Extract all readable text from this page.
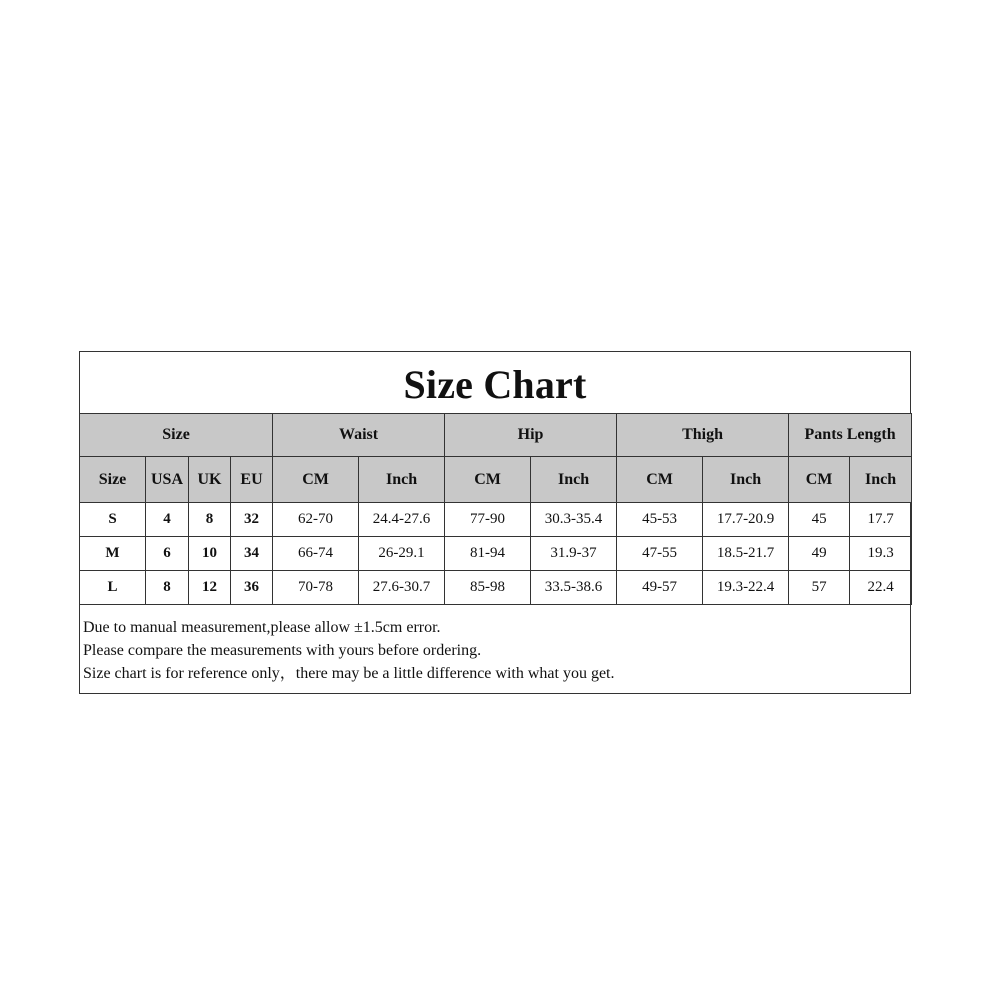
Size Chart
Size				Waist		Hip		Thigh		Pants Length	
Size	USA	UK	EU	CM	Inch	CM	Inch	CM	Inch	CM	Inch
S	4	8	32	62-70	24.4-27.6	77-90	30.3-35.4	45-53	17.7-20.9	45	17.7
M	6	10	34	66-74	26-29.1	81-94	31.9-37	47-55	18.5-21.7	49	19.3
L	8	12	36	70-78	27.6-30.7	85-98	33.5-38.6	49-57	19.3-22.4	57	22.4
Due to manual measurement,please allow ±1.5cm error.
Please compare the measurements with yours before ordering.
Size chart is for reference only，there may be a little difference with what you get.
